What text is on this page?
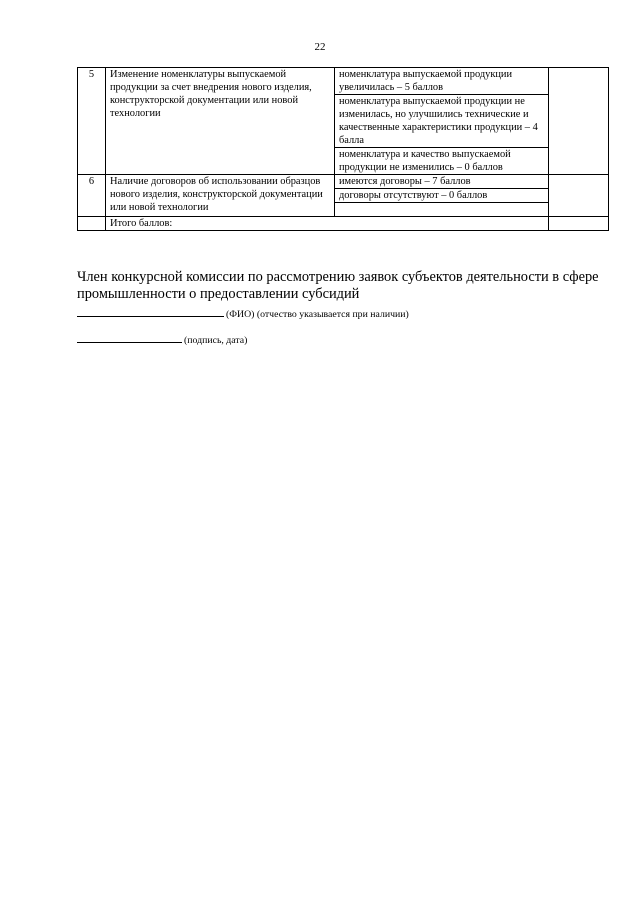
22
5	Изменение номенклатуры выпускаемой продукции за счет внедрения нового изделия, конструкторской документации или новой технологии	номенклатура выпускаемой продукции увеличилась – 5 баллов	
		номенклатура выпускаемой продукции не изменилась, но улучшились технические и качественные характеристики продукции – 4 балла	
		номенклатура и качество выпускаемой продукции не изменились – 0 баллов	
6	Наличие договоров об использовании образцов нового изделия, конструкторской документации или новой технологии	имеются договоры – 7 баллов	
		договоры отсутствуют – 0 баллов	

	Итого баллов:		
Член конкурсной комиссии по рассмотрению заявок субъектов деятельности в сфере промышленности о предоставлении субсидий
(ФИО) (отчество указывается при наличии)
(подпись, дата)
